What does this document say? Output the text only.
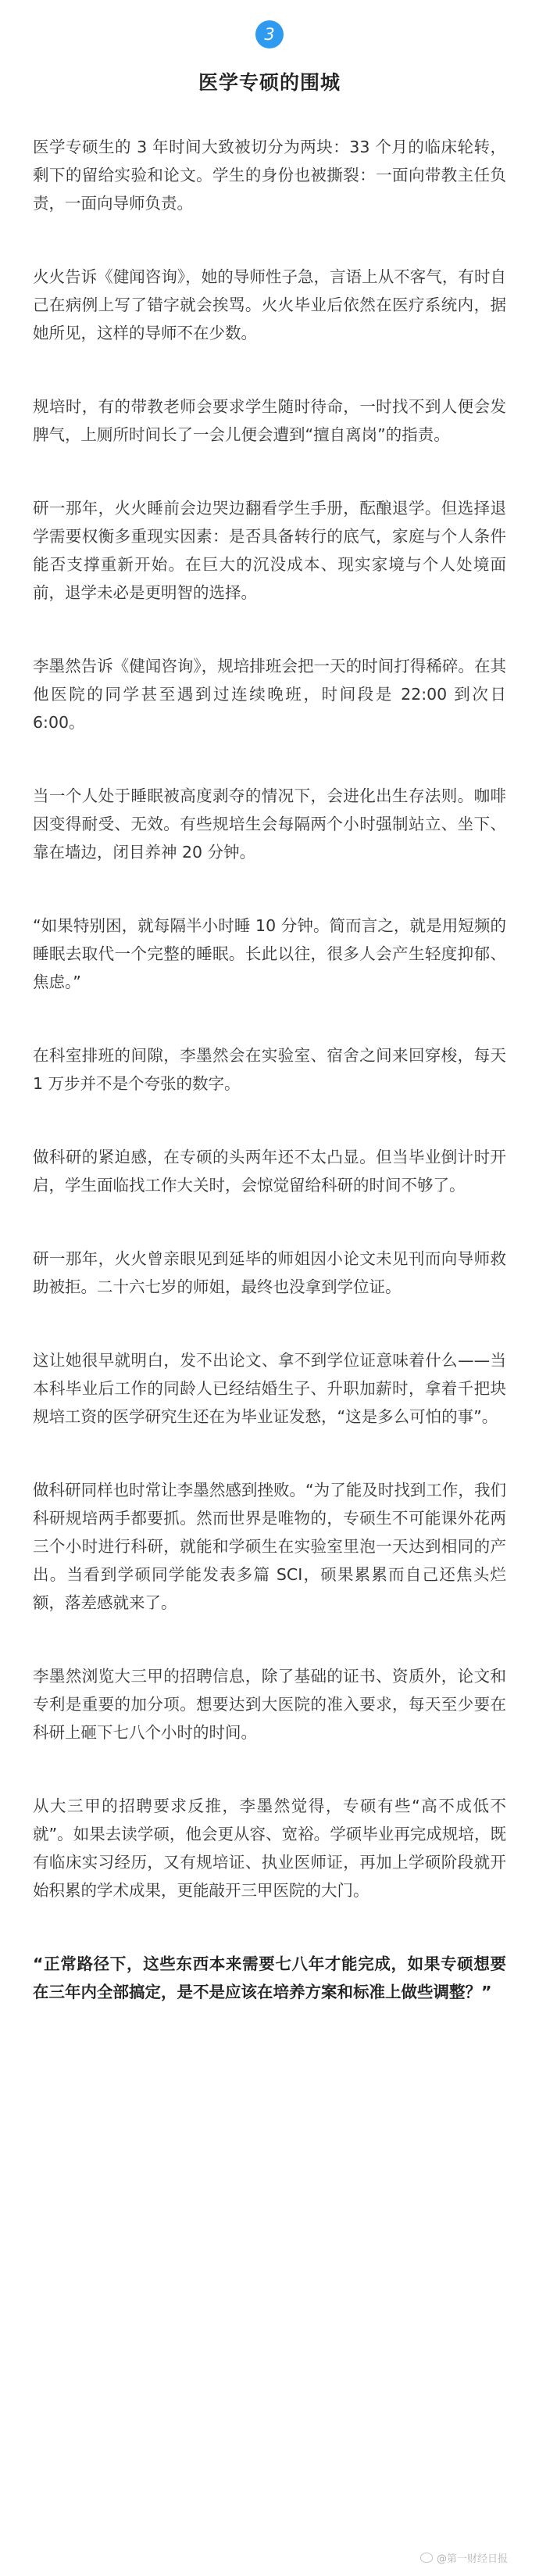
3
医学专硕的围城

医学专硕生的 3 年时间大致被切分为两块：33 个月的临床轮转，剩下的留给实验和论文。学生的身份也被撕裂：一面向带教主任负责，一面向导师负责。

火火告诉《健闻咨询》，她的导师性子急，言语上从不客气，有时自己在病例上写了错字就会挨骂。火火毕业后依然在医疗系统内，据她所见，这样的导师不在少数。

规培时，有的带教老师会要求学生随时待命，一时找不到人便会发脾气，上厕所时间长了一会儿便会遭到“擅自离岗”的指责。

研一那年，火火睡前会边哭边翻看学生手册，酝酿退学。但选择退学需要权衡多重现实因素：是否具备转行的底气，家庭与个人条件能否支撑重新开始。在巨大的沉没成本、现实家境与个人处境面前，退学未必是更明智的选择。

李墨然告诉《健闻咨询》，规培排班会把一天的时间打得稀碎。在其他医院的同学甚至遇到过连续晚班，时间段是 22:00 到次日 6:00。

当一个人处于睡眠被高度剥夺的情况下，会进化出生存法则。咖啡因变得耐受、无效。有些规培生会每隔两个小时强制站立、坐下、靠在墙边，闭目养神 20 分钟。

“如果特别困，就每隔半小时睡 10 分钟。简而言之，就是用短频的睡眠去取代一个完整的睡眠。长此以往，很多人会产生轻度抑郁、焦虑。”

在科室排班的间隙，李墨然会在实验室、宿舍之间来回穿梭，每天 1 万步并不是个夸张的数字。

做科研的紧迫感，在专硕的头两年还不太凸显。但当毕业倒计时开启，学生面临找工作大关时，会惊觉留给科研的时间不够了。

研一那年，火火曾亲眼见到延毕的师姐因小论文未见刊而向导师救助被拒。二十六七岁的师姐，最终也没拿到学位证。

这让她很早就明白，发不出论文、拿不到学位证意味着什么——当本科毕业后工作的同龄人已经结婚生子、升职加薪时，拿着千把块规培工资的医学研究生还在为毕业证发愁，“这是多么可怕的事”。

做科研同样也时常让李墨然感到挫败。“为了能及时找到工作，我们科研规培两手都要抓。然而世界是唯物的，专硕生不可能课外花两三个小时进行科研，就能和学硕生在实验室里泡一天达到相同的产出。当看到学硕同学能发表多篇 SCI，硕果累累而自己还焦头烂额，落差感就来了。

李墨然浏览大三甲的招聘信息，除了基础的证书、资质外，论文和专利是重要的加分项。想要达到大医院的准入要求，每天至少要在科研上砸下七八个小时的时间。

从大三甲的招聘要求反推，李墨然觉得，专硕有些“高不成低不就”。如果去读学硕，他会更从容、宽裕。学硕毕业再完成规培，既有临床实习经历，又有规培证、执业医师证，再加上学硕阶段就开始积累的学术成果，更能敲开三甲医院的大门。

“正常路径下，这些东西本来需要七八年才能完成，如果专硕想要在三年内全部搞定，是不是应该在培养方案和标准上做些调整？”

@第一财经日报
